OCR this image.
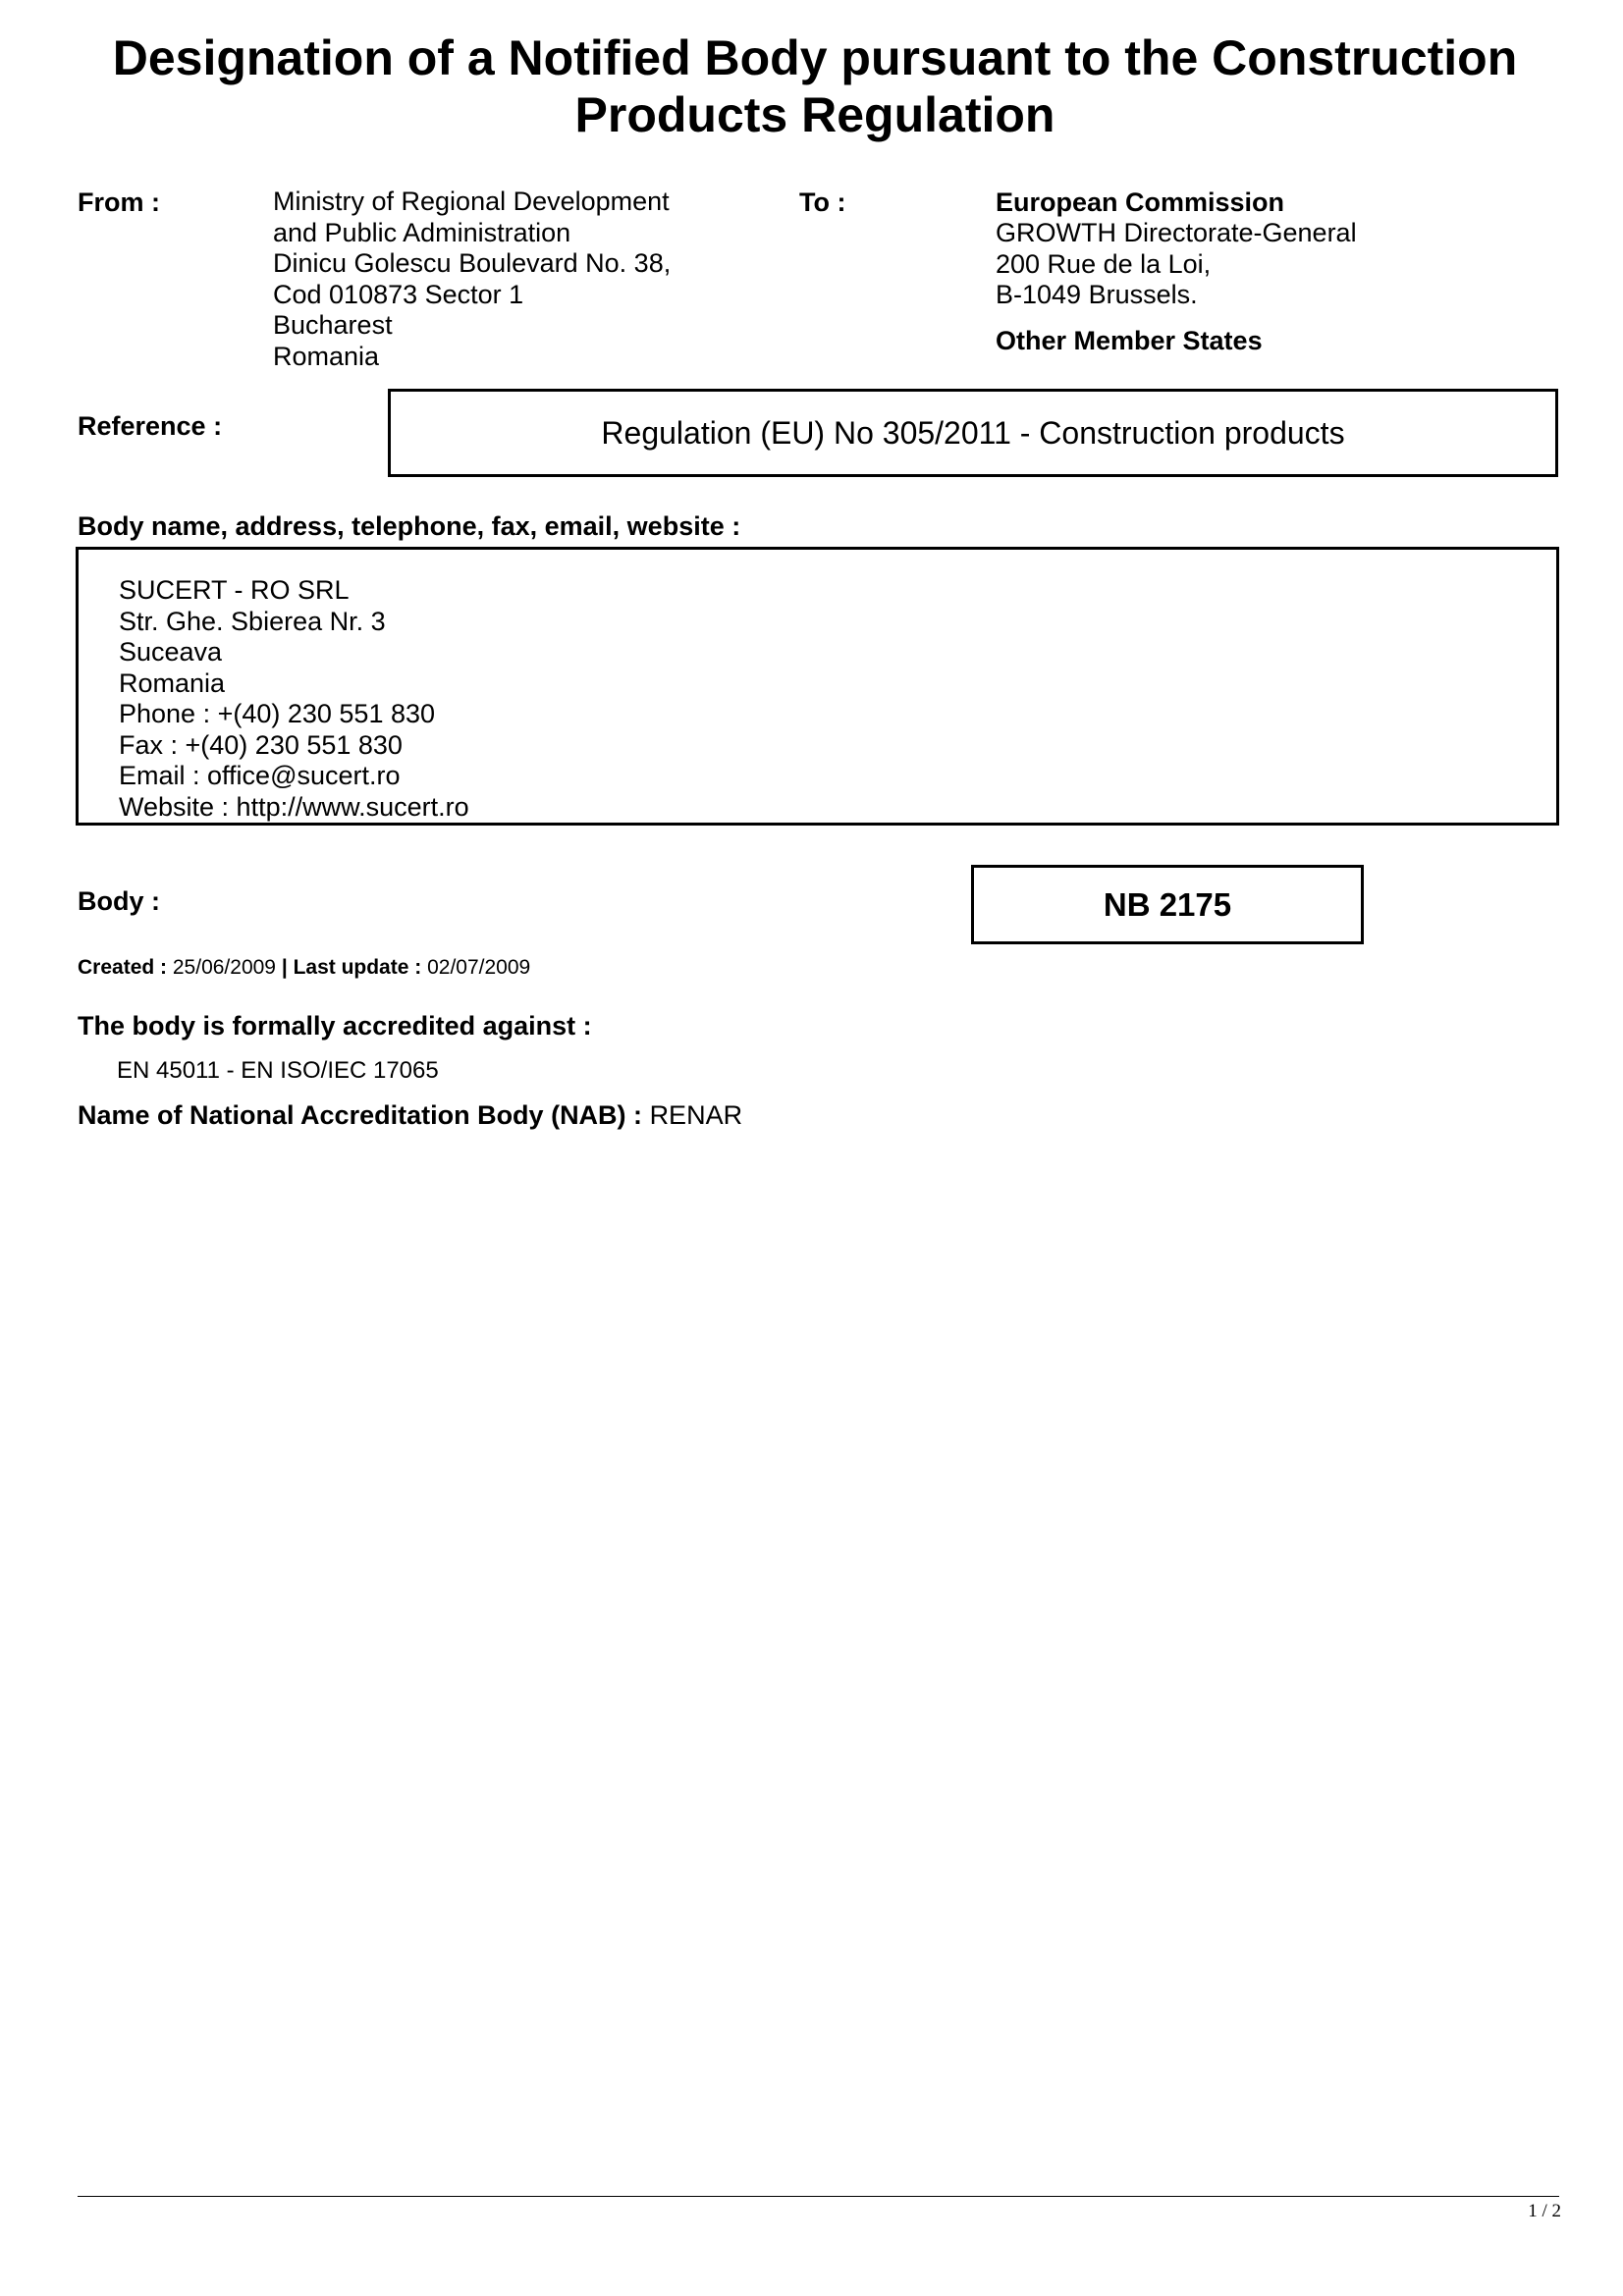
Designation of a Notified Body pursuant to the Construction Products Regulation
From :	Ministry of Regional Development
and Public Administration
Dinicu Golescu Boulevard No. 38,
Cod 010873 Sector 1
Bucharest
Romania
To :	European Commission
GROWTH Directorate-General
200 Rue de la Loi,
B-1049 Brussels.
Other Member States
Reference :	Regulation (EU) No 305/2011 - Construction products
Body name, address, telephone, fax, email, website :
SUCERT - RO SRL
Str. Ghe. Sbierea Nr. 3
Suceava
Romania
Phone : +(40) 230 551 830
Fax : +(40) 230 551 830
Email : office@sucert.ro
Website : http://www.sucert.ro
Body :	NB 2175
Created : 25/06/2009 | Last update : 02/07/2009
The body is formally accredited against :
EN 45011 - EN ISO/IEC 17065
Name of National Accreditation Body (NAB) : RENAR
1 / 2
